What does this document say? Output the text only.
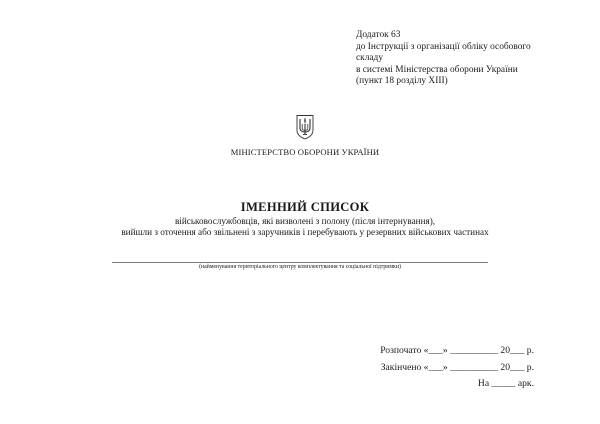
Додаток 63
до Інструкції з організації обліку особового
складу
в системі Міністерства оборони України
(пункт 18 розділу XIII)
МІНІСТЕРСТВО ОБОРОНИ УКРАЇНИ
ІМЕННИЙ СПИСОК
військовослужбовців, які визволені з полону (після інтернування),
вийшли з оточення або звільнені з заручників і перебувають у резервних військових частинах
(найменування територіального центру комплектування та соціальної підтримки)
Розпочато «___» __________ 20___ р.
Закінчено «___» __________ 20___ р.
На _____ арк.
